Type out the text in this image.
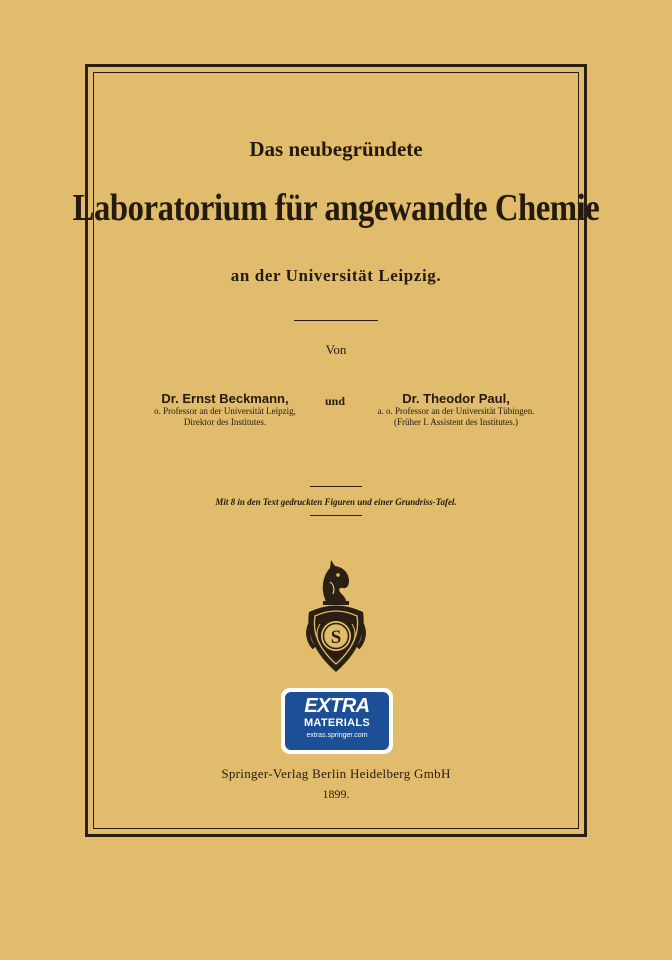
Das neubegründete
Laboratorium für angewandte Chemie
an der Universität Leipzig.
Von
Dr. Ernst Beckmann,
o. Professor an der Universität Leipzig,
Direktor des Institutes.
und	Dr. Theodor Paul,
a. o. Professor an der Universität Tübingen.
(Früher I. Assistent des Institutes.)
Mit 8 in den Text gedruckten Figuren und einer Grundriss-Tafel.
S
EXTRA
MATERIALS
extras.springer.com
Springer-Verlag Berlin Heidelberg GmbH
1899.
